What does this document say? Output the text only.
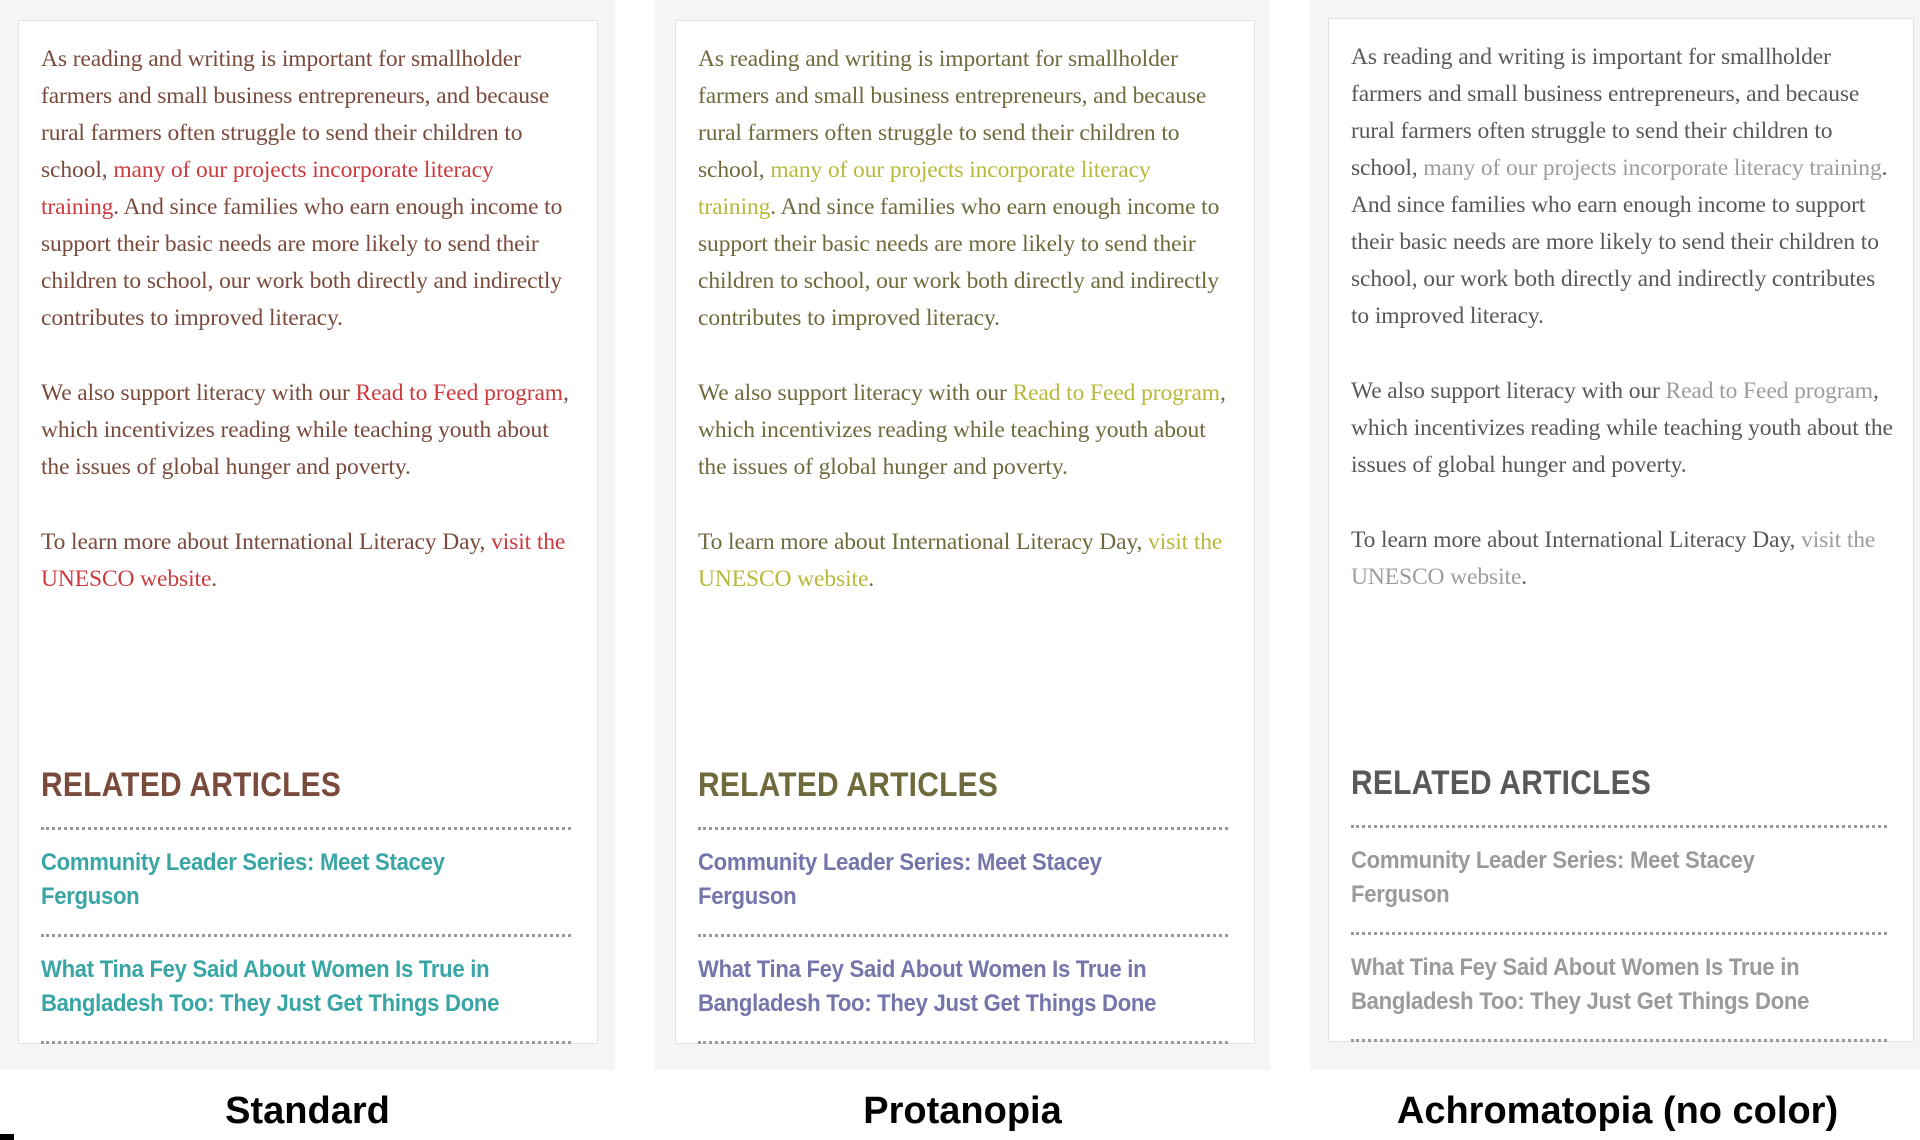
As reading and writing is important for smallholder farmers and small business entrepreneurs, and because rural farmers often struggle to send their children to school, many of our projects incorporate literacy training. And since families who earn enough income to support their basic needs are more likely to send their children to school, our work both directly and indirectly contributes to improved literacy.

We also support literacy with our Read to Feed program, which incentivizes reading while teaching youth about the issues of global hunger and poverty.

To learn more about International Literacy Day, visit the UNESCO website.

RELATED ARTICLES
Community Leader Series: Meet Stacey Ferguson
What Tina Fey Said About Women Is True in Bangladesh Too: They Just Get Things Done
Standard

As reading and writing is important for smallholder farmers and small business entrepreneurs, and because rural farmers often struggle to send their children to school, many of our projects incorporate literacy training. And since families who earn enough income to support their basic needs are more likely to send their children to school, our work both directly and indirectly contributes to improved literacy.

We also support literacy with our Read to Feed program, which incentivizes reading while teaching youth about the issues of global hunger and poverty.

To learn more about International Literacy Day, visit the UNESCO website.

RELATED ARTICLES
Community Leader Series: Meet Stacey Ferguson
What Tina Fey Said About Women Is True in Bangladesh Too: They Just Get Things Done
Protanopia

As reading and writing is important for smallholder farmers and small business entrepreneurs, and because rural farmers often struggle to send their children to school, many of our projects incorporate literacy training. And since families who earn enough income to support their basic needs are more likely to send their children to school, our work both directly and indirectly contributes to improved literacy.

We also support literacy with our Read to Feed program, which incentivizes reading while teaching youth about the issues of global hunger and poverty.

To learn more about International Literacy Day, visit the UNESCO website.

RELATED ARTICLES
Community Leader Series: Meet Stacey Ferguson
What Tina Fey Said About Women Is True in Bangladesh Too: They Just Get Things Done
Achromatopia (no color)
